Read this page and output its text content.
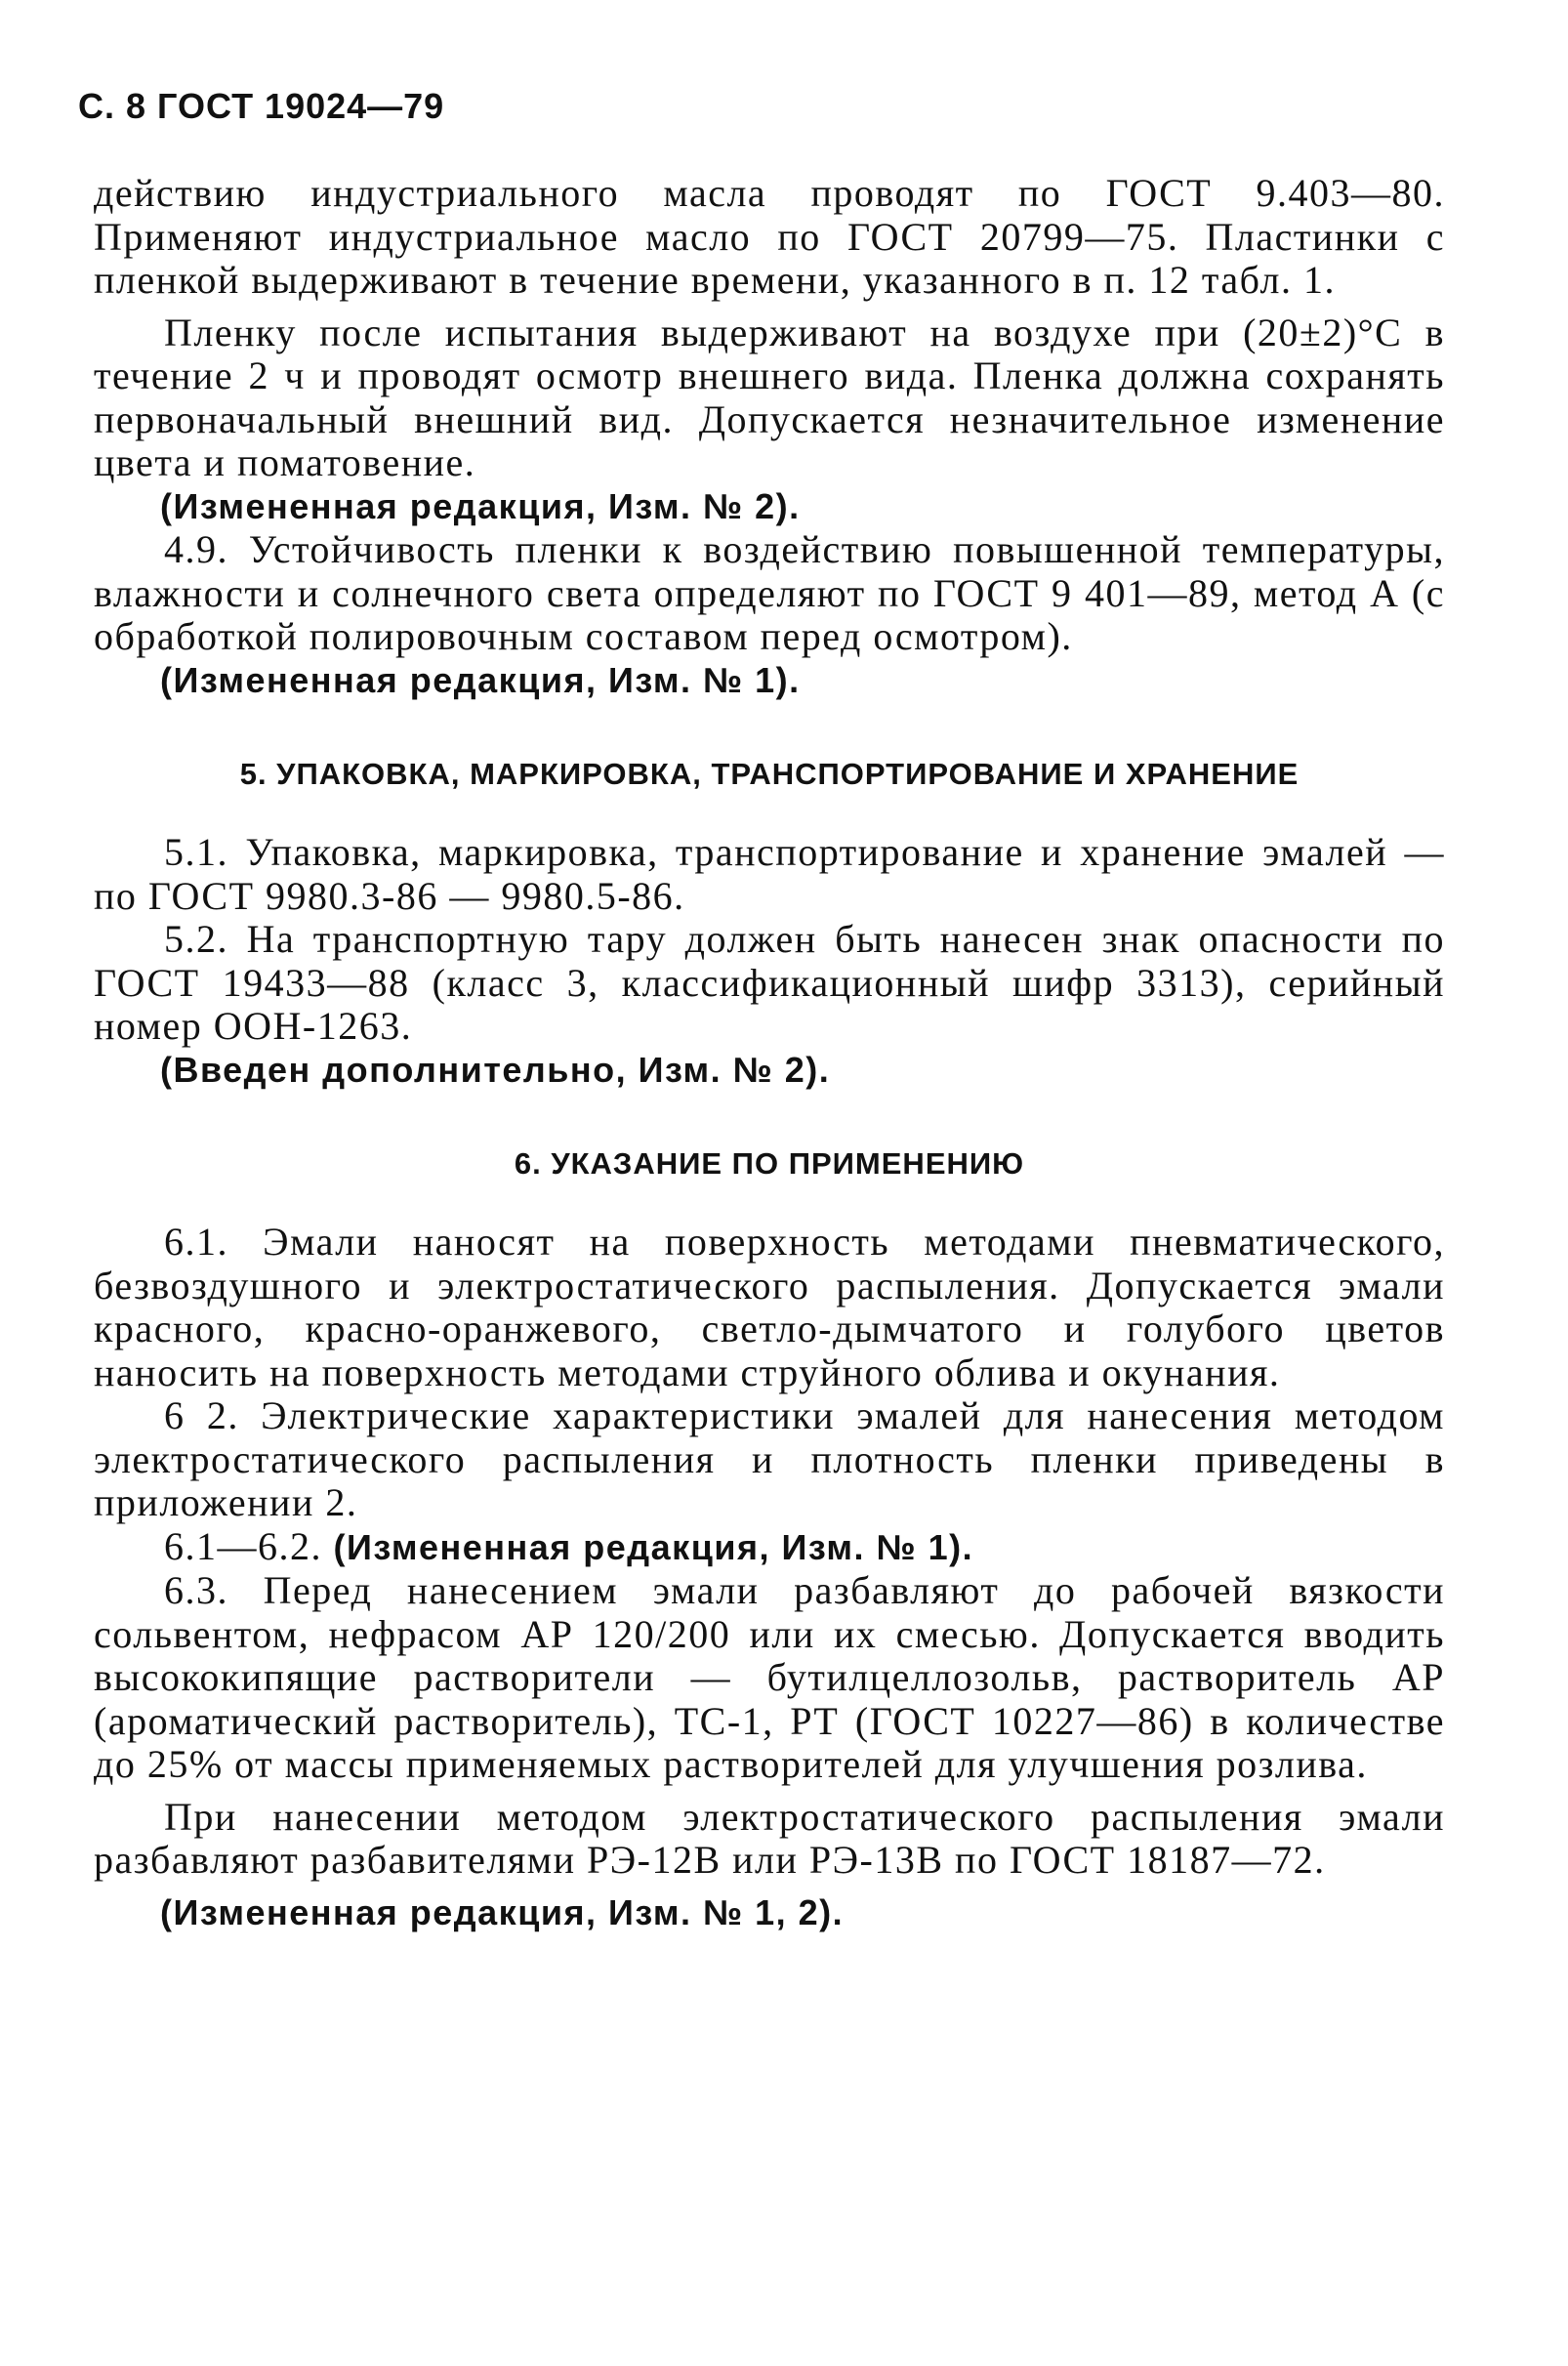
С. 8 ГОСТ 19024—79

действию индустриального масла проводят по ГОСТ 9.403—80. Применяют индустриальное масло по ГОСТ 20799—75. Пластинки с пленкой выдерживают в течение времени, указанного в п. 12 табл. 1.

Пленку после испытания выдерживают на воздухе при (20±2)°С в течение 2 ч и проводят осмотр внешнего вида. Пленка должна сохранять первоначальный внешний вид. Допускается незначительное изменение цвета и поматовение.

(Измененная редакция, Изм. № 2).

4.9. Устойчивость пленки к воздействию повышенной температуры, влажности и солнечного света определяют по ГОСТ 9 401—89, метод А (с обработкой полировочным составом перед осмотром).

(Измененная редакция, Изм. № 1).

5. УПАКОВКА, МАРКИРОВКА, ТРАНСПОРТИРОВАНИЕ И ХРАНЕНИЕ

5.1. Упаковка, маркировка, транспортирование и хранение эмалей — по ГОСТ 9980.3-86 — 9980.5-86.

5.2. На транспортную тару должен быть нанесен знак опасности по ГОСТ 19433—88 (класс 3, классификационный шифр 3313), серийный номер ООН-1263.

(Введен дополнительно, Изм. № 2).

6. УКАЗАНИЕ ПО ПРИМЕНЕНИЮ

6.1. Эмали наносят на поверхность методами пневматического, безвоздушного и электростатического распыления. Допускается эмали красного, красно-оранжевого, светло-дымчатого и голубого цветов наносить на поверхность методами струйного облива и окунания.

6 2. Электрические характеристики эмалей для нанесения методом электростатического распыления и плотность пленки приведены в приложении 2.

6.1—6.2. (Измененная редакция, Изм. № 1).

6.3. Перед нанесением эмали разбавляют до рабочей вязкости сольвентом, нефрасом АР 120/200 или их смесью. Допускается вводить высококипящие растворители — бутилцеллозольв, растворитель АР (ароматический растворитель), ТС-1, РТ (ГОСТ 10227—86) в количестве до 25% от массы применяемых растворителей для улучшения розлива.

При нанесении методом электростатического распыления эмали разбавляют разбавителями РЭ-12В или РЭ-13В по ГОСТ 18187—72.

(Измененная редакция, Изм. № 1, 2).
